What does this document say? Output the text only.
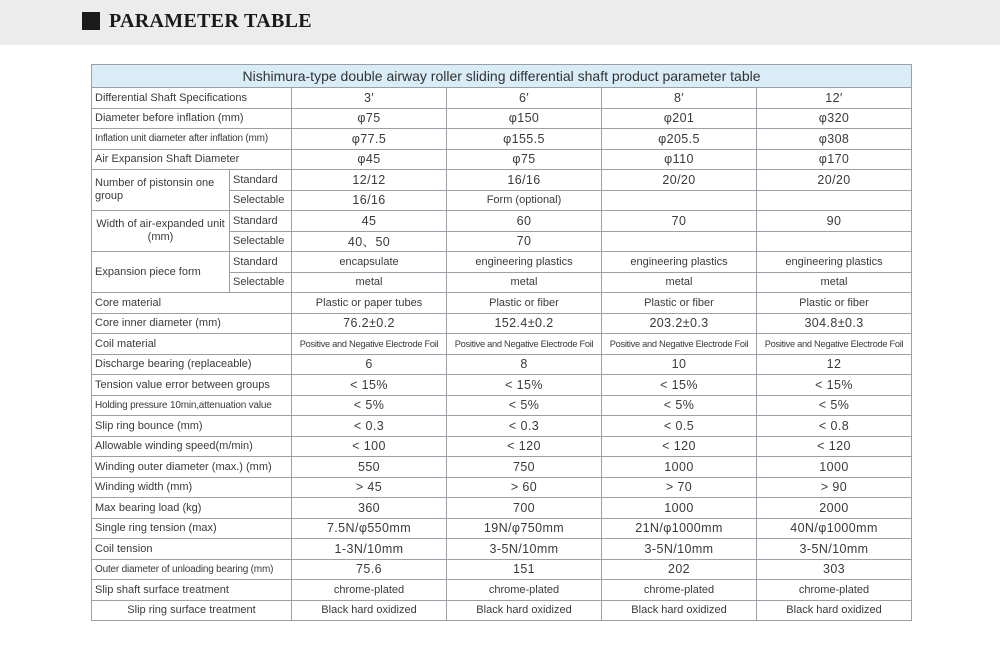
PARAMETER TABLE
Nishimura-type double airway roller sliding differential shaft product parameter table					
Differential Shaft Specifications		3′	6′	8′	12′
Diameter before inflation (mm)		φ75	φ150	φ201	φ320
Inflation unit diameter after inflation (mm)		φ77.5	φ155.5	φ205.5	φ308
Air Expansion Shaft Diameter		φ45	φ75	φ110	φ170
Number of pistonsin one group	Standard	12/12	16/16	20/20	20/20
	Selectable	16/16	Form (optional)		
Width of air-expanded unit (mm)	Standard	45	60	70	90
	Selectable	40、50	70		
Expansion piece form	Standard	encapsulate	engineering plastics	engineering plastics	engineering plastics
	Selectable	metal	metal	metal	metal
Core material		Plastic or paper tubes	Plastic or fiber	Plastic or fiber	Plastic or fiber
Core inner diameter (mm)		76.2±0.2	152.4±0.2	203.2±0.3	304.8±0.3
Coil material		Positive and Negative Electrode Foil	Positive and Negative Electrode Foil	Positive and Negative Electrode Foil	Positive and Negative Electrode Foil
Discharge bearing (replaceable)		6	8	10	12
Tension value error between groups		< 15%	< 15%	< 15%	< 15%
Holding pressure 10min,attenuation value		< 5%	< 5%	< 5%	< 5%
Slip ring bounce (mm)		< 0.3	< 0.3	< 0.5	< 0.8
Allowable winding speed(m/min)		< 100	< 120	< 120	< 120
Winding outer diameter (max.) (mm)		550	750	1000	1000
Winding width (mm)		> 45	> 60	> 70	> 90
Max bearing load (kg)		360	700	1000	2000
Single ring tension (max)		7.5N/φ550mm	19N/φ750mm	21N/φ1000mm	40N/φ1000mm
Coil tension		1-3N/10mm	3-5N/10mm	3-5N/10mm	3-5N/10mm
Outer diameter of unloading bearing (mm)		75.6	151	202	303
Slip shaft surface treatment		chrome-plated	chrome-plated	chrome-plated	chrome-plated
Slip ring surface treatment		Black hard oxidized	Black hard oxidized	Black hard oxidized	Black hard oxidized
